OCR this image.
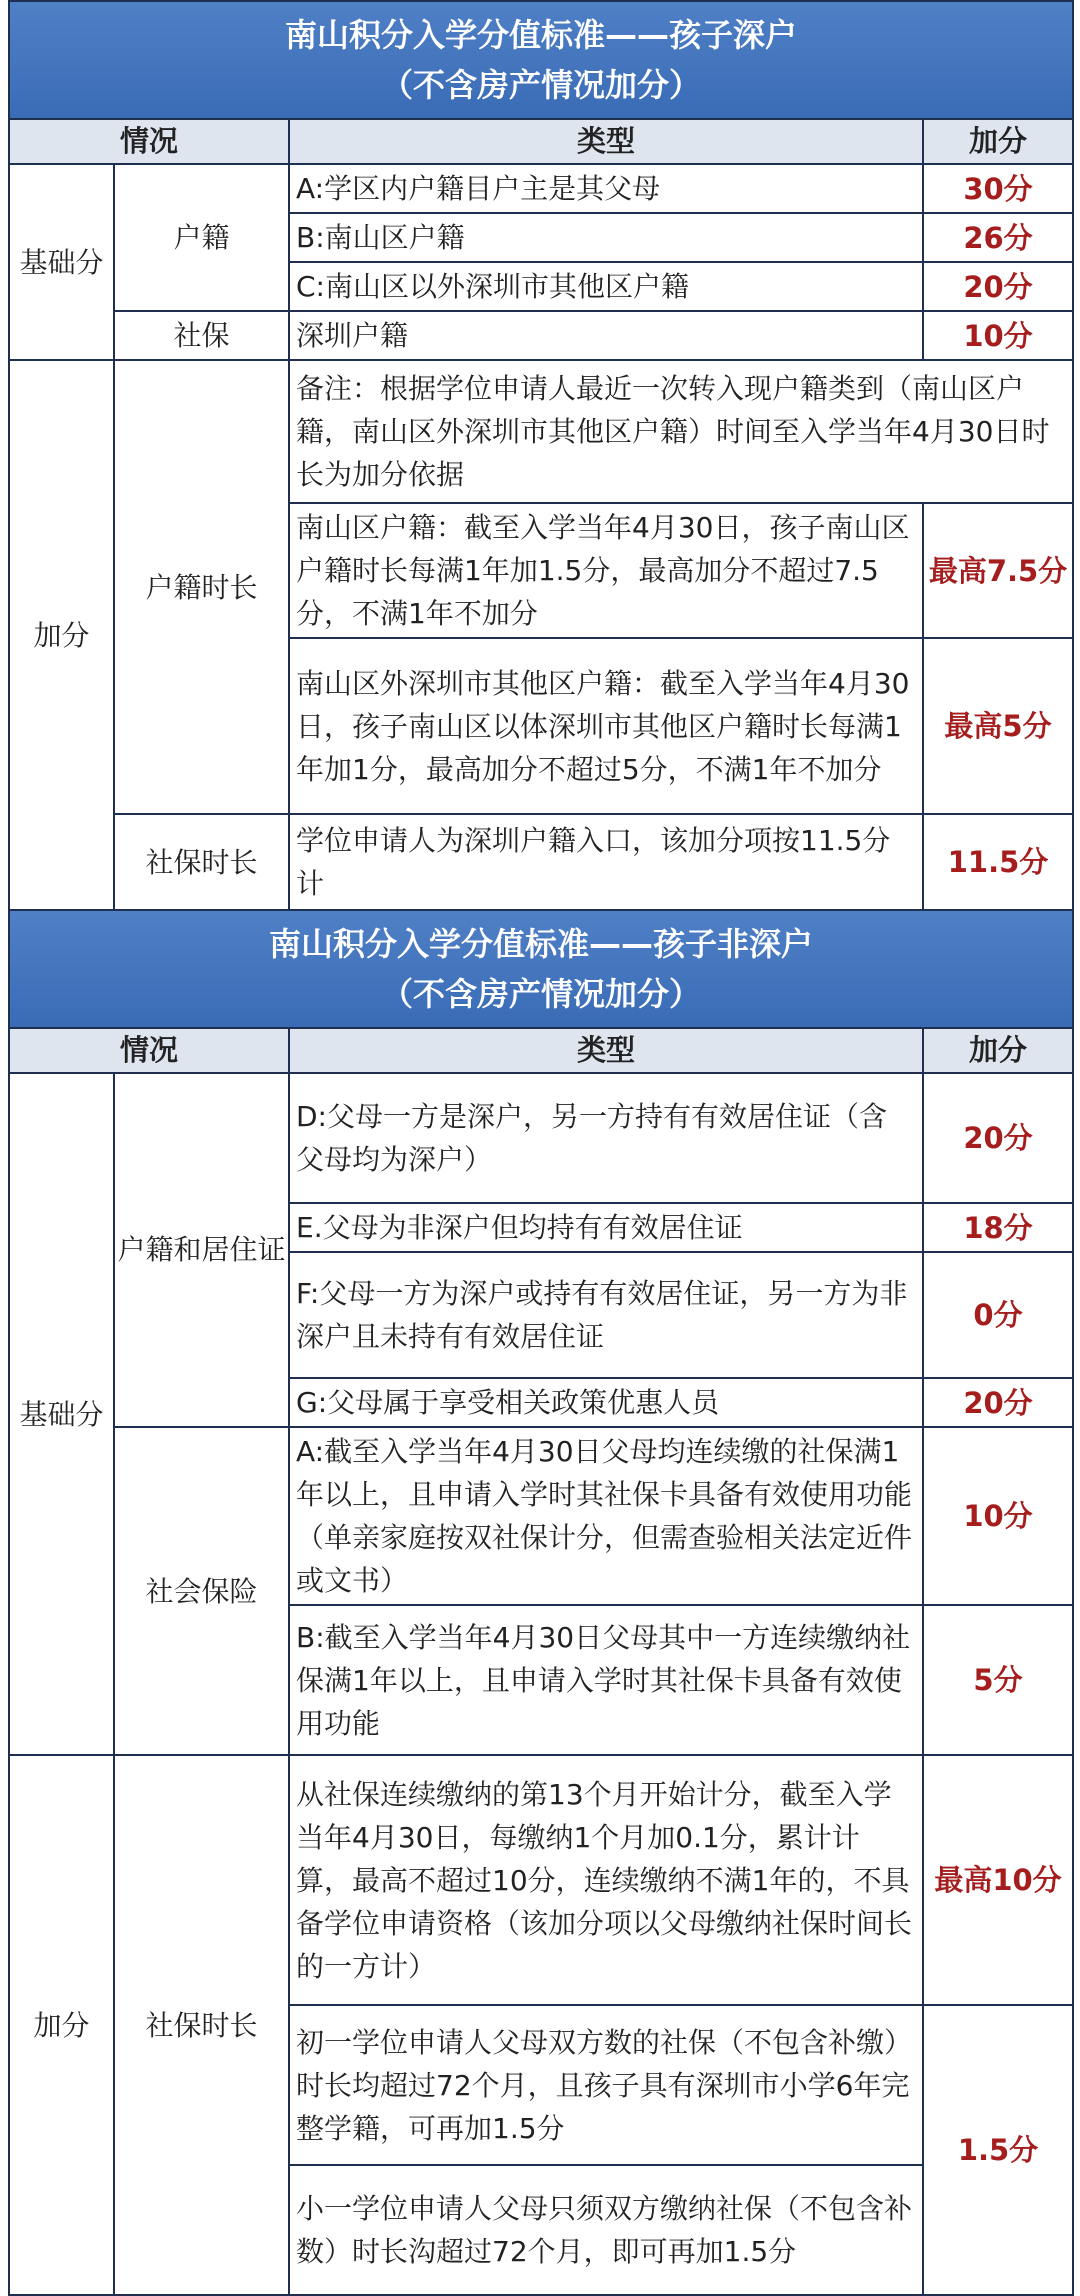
南山积分入学分值标准——孩子深户
（不含房产情况加分）			

情况		类型	加分
基础分	户籍	A:学区内户籍目户主是其父母	30分
		B:南山区户籍	26分
		C:南山区以外深圳市其他区户籍	20分
	社保	深圳户籍	10分
加分	户籍时长	备注：根据学位申请人最近一次转入现户籍类到（南山区户籍，南山区外深圳市其他区户籍）时间至入学当年4月30日时长为加分依据	
		南山区户籍：截至入学当年4月30日，孩子南山区户籍时长每满1年加1.5分，最高加分不超过7.5分，不满1年不加分	最高7.5分
		南山区外深圳市其他区户籍：截至入学当年4月30日，孩子南山区以体深圳市其他区户籍时长每满1年加1分，最高加分不超过5分，不满1年不加分	最高5分
	社保时长	学位申请人为深圳户籍入口，该加分项按11.5分计	11.5分
南山积分入学分值标准——孩子非深户
（不含房产情况加分）			

情况		类型	加分
基础分	户籍和居住证	D:父母一方是深户，另一方持有有效居住证（含父母均为深户）	20分
		E.父母为非深户但均持有有效居住证	18分
		F:父母一方为深户或持有有效居住证，另一方为非深户且未持有有效居住证	0分
		G:父母属于享受相关政策优惠人员	20分
	社会保险	A:截至入学当年4月30日父母均连续缴的社保满1年以上，且申请入学时其社保卡具备有效使用功能（单亲家庭按双社保计分，但需查验相关法定近件或文书）	10分
		B:截至入学当年4月30日父母其中一方连续缴纳社保满1年以上，且申请入学时其社保卡具备有效使用功能	5分
加分	社保时长	从社保连续缴纳的第13个月开始计分，截至入学当年4月30日，每缴纳1个月加0.1分，累计计算，最高不超过10分，连续缴纳不满1年的，不具备学位申请资格（该加分项以父母缴纳社保时间长的一方计）	最高10分
		初一学位申请人父母双方数的社保（不包含补缴）时长均超过72个月，且孩子具有深圳市小学6年完整学籍，可再加1.5分	1.5分
		小一学位申请人父母只须双方缴纳社保（不包含补数）时长沟超过72个月，即可再加1.5分	
